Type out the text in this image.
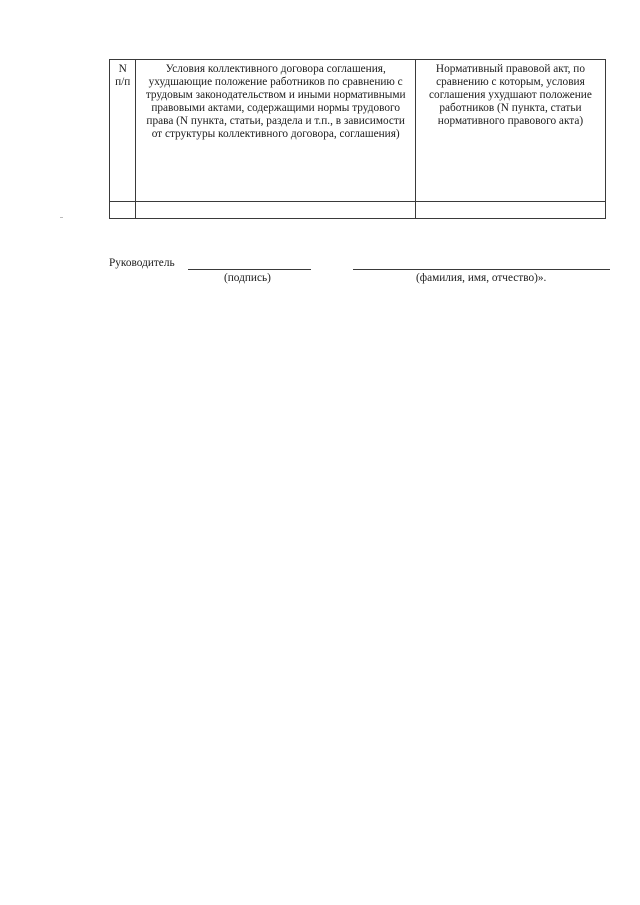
N
п/п	Условия коллективного договора соглашения, ухудшающие положение работников по сравнению с трудовым законодательством и иными нормативными правовыми актами, содержащими нормы трудового права (N пункта, статьи, раздела и т.п., в зависимости от структуры коллективного договора, соглашения)	Нормативный правовой акт, по сравнению с которым, условия соглашения ухудшают положение работников (N пункта, статьи нормативного правового акта)

Руководитель
(подпись)	(фамилия, имя, отчество)».
